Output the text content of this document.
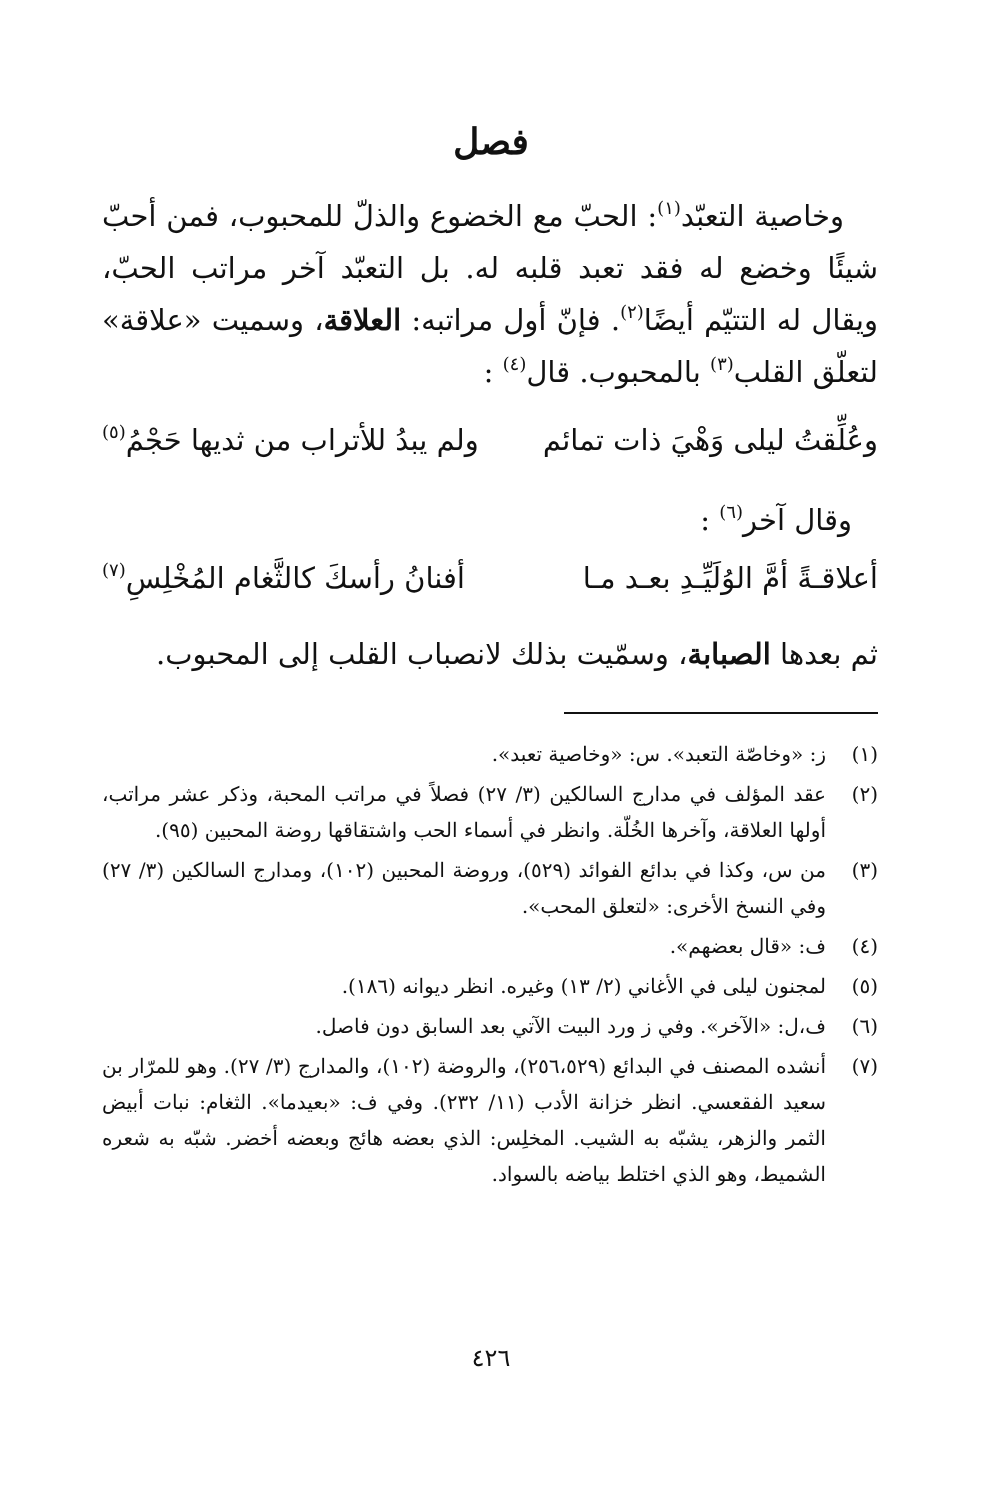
فصل

وخاصية التعبّد$^{(١)}$: الحبّ مع الخضوع والذلّ للمحبوب، فمن أحبّ شيئًا وخضع له فقد تعبد قلبه له. بل التعبّد آخر مراتب الحبّ، ويقال له التتيّم أيضًا$^{(٢)}$. فإنّ أول مراتبه: العلاقة، وسميت «علاقة» لتعلّق القلب$^{(٣)}$ بالمحبوب. قال$^{(٤)}$ :

وعُلِّقتُ ليلى وَهْيَ ذات تمائم
ولم يبدُ للأتراب من ثديها حَجْمُ$^{(٥)}$
وقال آخر$^{(٦)}$ :
أعلاقـةً أمَّ الوُلَيِّـدِ بعـد مـا
أفنانُ رأسكَ كالثَّغام المُخْلِسِ$^{(٧)}$
ثم بعدها الصبابة، وسمّيت بذلك لانصباب القلب إلى المحبوب.
(١)
ز: «وخاصّة التعبد». س: «وخاصية تعبد».
(٢)
عقد المؤلف في مدارج السالكين (٣/ ٢٧) فصلاً في مراتب المحبة، وذكر عشر مراتب، أولها العلاقة، وآخرها الخُلّة. وانظر في أسماء الحب واشتقاقها روضة المحبين (٩٥).
(٣)
من س، وكذا في بدائع الفوائد (٥٢٩)، وروضة المحبين (١٠٢)، ومدارج السالكين (٣/ ٢٧) وفي النسخ الأخرى: «لتعلق المحب».
(٤)
ف: «قال بعضهم».
(٥)
لمجنون ليلى في الأغاني (٢/ ١٣) وغيره. انظر ديوانه (١٨٦).
(٦)
ف،ل: «الآخر». وفي ز ورد البيت الآتي بعد السابق دون فاصل.
(٧)
أنشده المصنف في البدائع (٢٥٦،٥٢٩)، والروضة (١٠٢)، والمدارج (٣/ ٢٧). وهو للمرّار بن سعيد الفقعسي. انظر خزانة الأدب (١١/ ٢٣٢). وفي ف: «بعيدما». الثغام: نبات أبيض الثمر والزهر، يشبّه به الشيب. المخلِس: الذي بعضه هائج وبعضه أخضر. شبّه به شعره الشميط، وهو الذي اختلط بياضه بالسواد.
٤٢٦
